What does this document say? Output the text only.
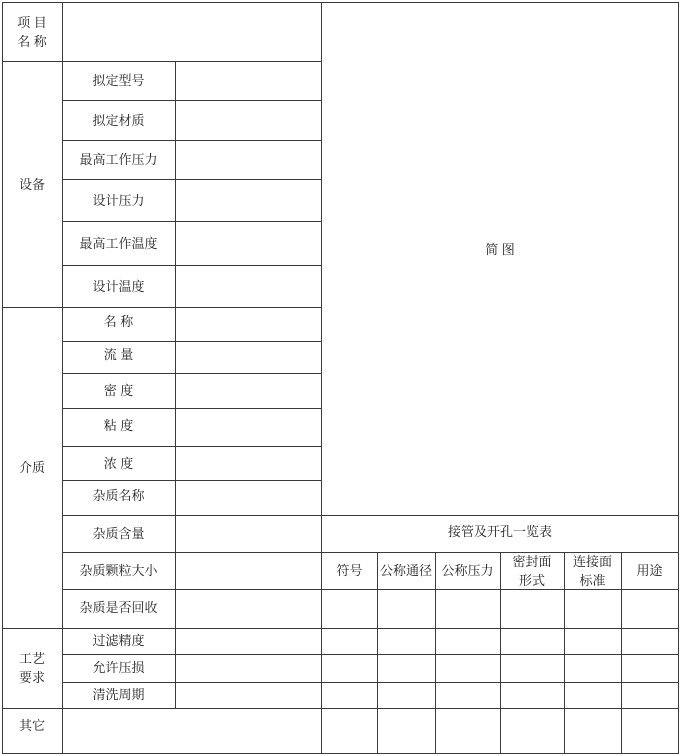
项 目
名 称
设备
拟定型号
拟定材质
最高工作压力
设计压力
最高工作温度
设计温度
介质
名 称
流 量
密 度
粘 度
浓 度
杂质名称
杂质含量
杂质颗粒大小
杂质是否回收
工艺
要求
过滤精度
允许压损
清洗周期
其它
简 图
接管及开孔一览表
符号	公称通径 公称压力
密封面
形式
连接面
标准
用途
